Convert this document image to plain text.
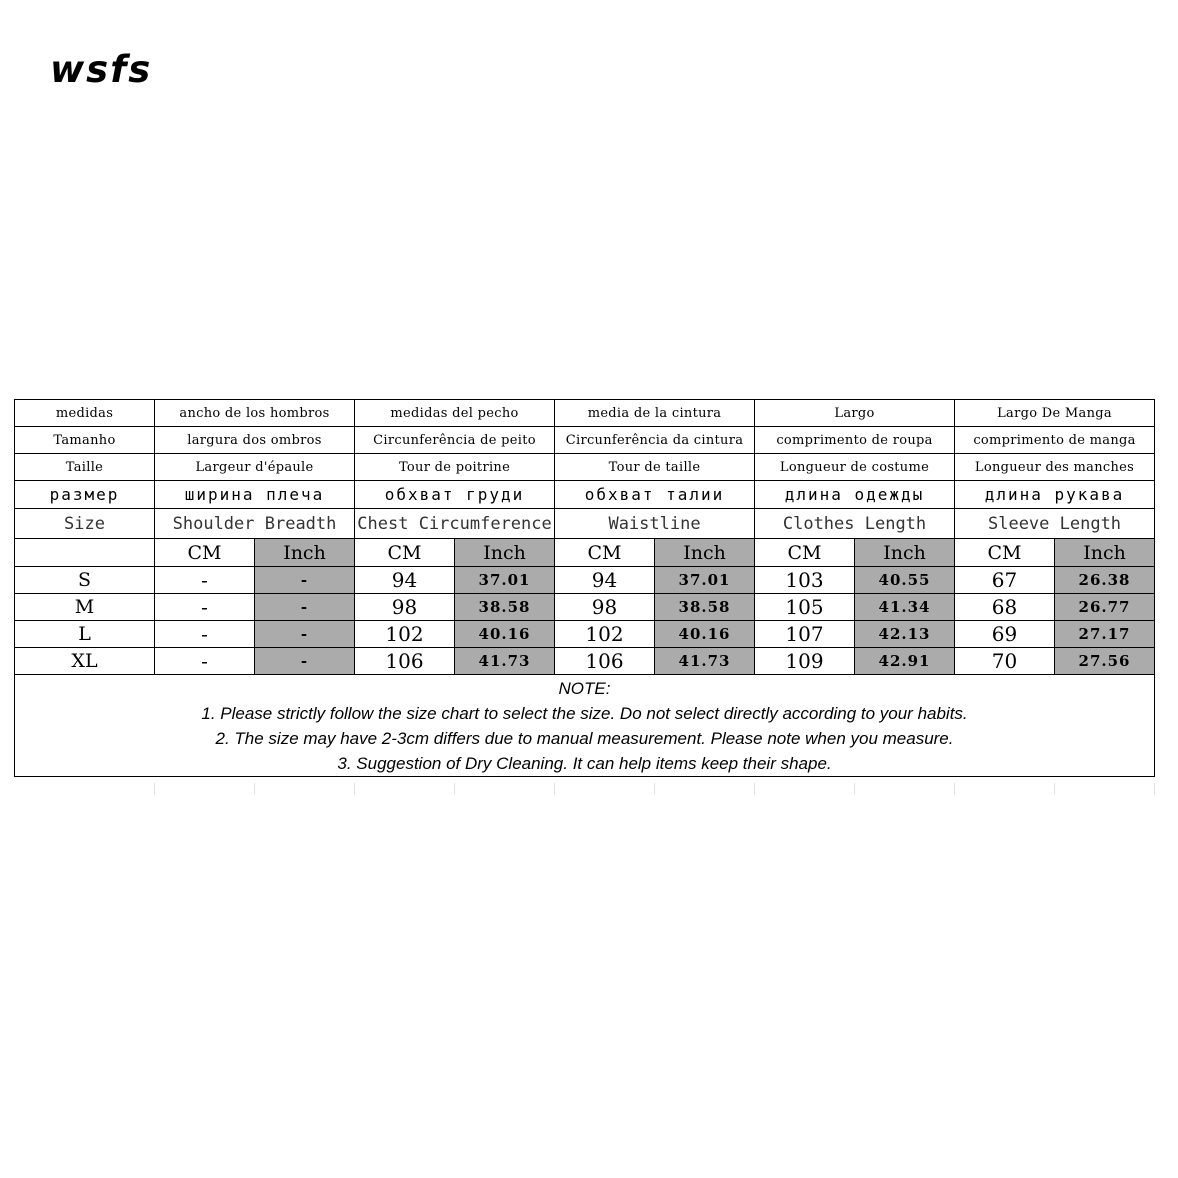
wsfs
medidas	ancho de los hombros		medidas del pecho		media de la cintura		Largo		Largo De Manga	
Tamanho	largura dos ombros		Circunferência de peito		Circunferência da cintura		comprimento de roupa		comprimento de manga	
Taille	Largeur d'épaule		Tour de poitrine		Tour de taille		Longueur de costume		Longueur des manches	
размер	ширина плеча		обхват груди		обхват талии		длина одежды		длина рукава	
Size	Shoulder Breadth		Chest Circumference		Waistline		Clothes Length		Sleeve Length	
	CM	Inch	CM	Inch	CM	Inch	CM	Inch	CM	Inch
S	-	-	94	37.01	94	37.01	103	40.55	67	26.38
M	-	-	98	38.58	98	38.58	105	41.34	68	26.77
L	-	-	102	40.16	102	40.16	107	42.13	69	27.17
XL	-	-	106	41.73	106	41.73	109	42.91	70	27.56

NOTE:
1. Please strictly follow the size chart to select the size. Do not select directly according to your habits.
2. The size may have 2-3cm differs due to manual measurement. Please note when you measure.
3. Suggestion of Dry Cleaning. It can help items keep their shape.										
